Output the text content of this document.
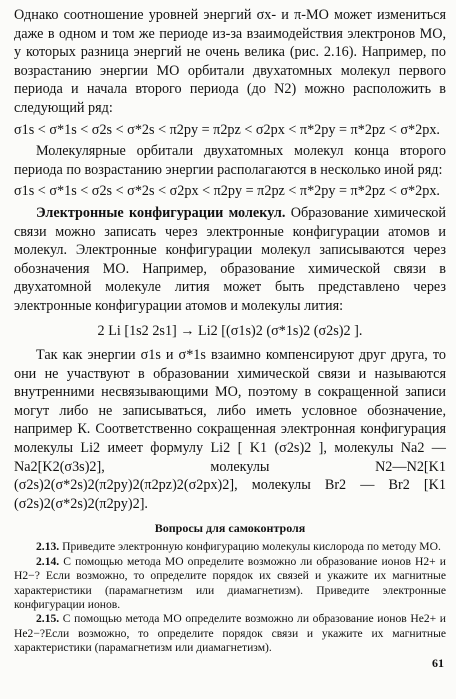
Однако соотношение уровней энергий σx- и π-МО может измениться даже в одном и том же периоде из-за взаимодействия электронов МО, у которых разница энергий не очень велика (рис. 2.16). Например, по возрастанию энергии МО орбитали двухатомных молекул первого периода и начала второго периода (до N2) можно расположить в следующий ряд:

σ1s < σ*1s < σ2s < σ*2s < π2py = π2pz < σ2px < π*2py = π*2pz < σ*2px.

Молекулярные орбитали двухатомных молекул конца второго периода по возрастанию энергии располагаются в несколько иной ряд:

σ1s < σ*1s < σ2s < σ*2s < σ2px < π2py = π2pz < π*2py = π*2pz < σ*2px.

Электронные конфигурации молекул. Образование химической связи можно записать через электронные конфигурации атомов и молекул. Электронные конфигурации молекул записываются через обозначения МО. Например, образование химической связи в двухатомной молекуле лития может быть представлено через электронные конфигурации атомов и молекулы лития:

2 Li [1s2 2s1] → Li2 [(σ1s)2 (σ*1s)2 (σ2s)2 ].

Так как энергии σ1s и σ*1s взаимно компенсируют друг друга, то они не участвуют в образовании химической связи и называются внутренними несвязывающими МО, поэтому в сокращенной записи могут либо не записываться, либо иметь условное обозначение, например К. Соответственно сокращенная электронная конфигурация молекулы Li2 имеет формулу Li2 [ K1 (σ2s)2 ], молекулы Na2 — Na2[K2(σ3s)2], молекулы N2—N2[K1 (σ2s)2(σ*2s)2(π2py)2(π2pz)2(σ2px)2], молекулы Br2 — Br2 [K1 (σ2s)2(σ*2s)2(π2py)2].

Вопросы для самоконтроля

2.13. Приведите электронную конфигурацию молекулы кислорода по методу МО.

2.14. С помощью метода МО определите возможно ли образование ионов H2+ и H2−? Если возможно, то определите порядок их связей и укажите их магнитные характеристики (парамагнетизм или диамагнетизм). Приведите электронные конфигурации ионов.

2.15. С помощью метода МО определите возможно ли образование ионов He2+ и He2−?Если возможно, то определите порядок связи и укажите их магнитные характеристики (парамагнетизм или диамагнетизм).

61
